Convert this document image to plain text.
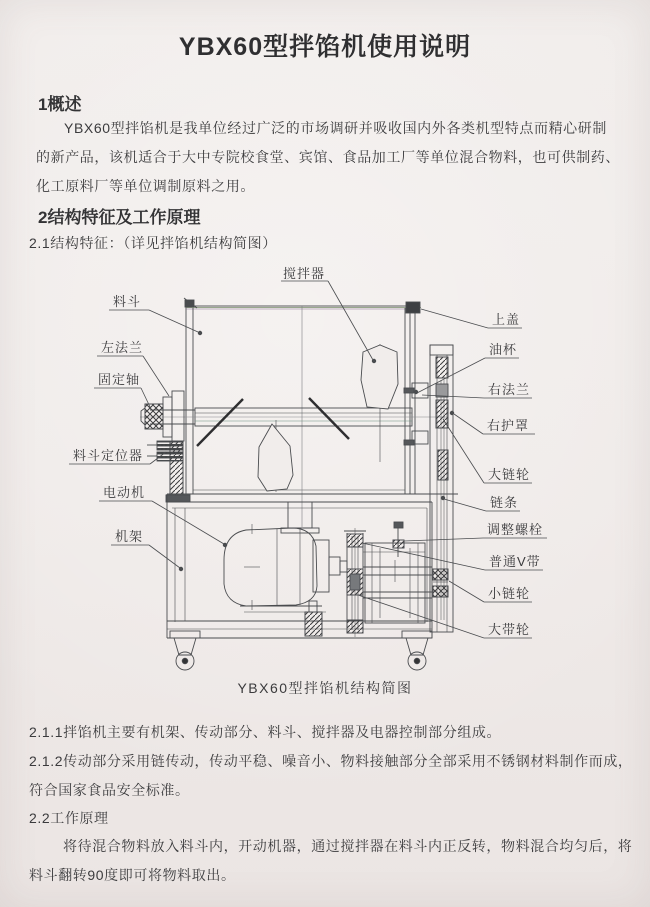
YBX60型拌馅机使用说明
1概述
YBX60型拌馅机是我单位经过广泛的市场调研并吸收国内外各类机型特点而精心研制
的新产品，该机适合于大中专院校食堂、宾馆、食品加工厂等单位混合物料，也可供制药、
化工原料厂等单位调制原料之用。
2结构特征及工作原理
2.1结构特征：（详见拌馅机结构简图）
搅拌器
料斗
左法兰
固定轴
料斗定位器
电动机
机架
上盖
油杯
右法兰
右护罩
大链轮
链条
调整螺栓
普通V带
小链轮
大带轮
YBX60型拌馅机结构简图
2.1.1拌馅机主要有机架、传动部分、料斗、搅拌器及电器控制部分组成。
2.1.2传动部分采用链传动，传动平稳、噪音小、物料接触部分全部采用不锈钢材料制作而成，
符合国家食品安全标准。
2.2工作原理
将待混合物料放入料斗内，开动机器，通过搅拌器在料斗内正反转，物料混合均匀后，将
料斗翻转90度即可将物料取出。
